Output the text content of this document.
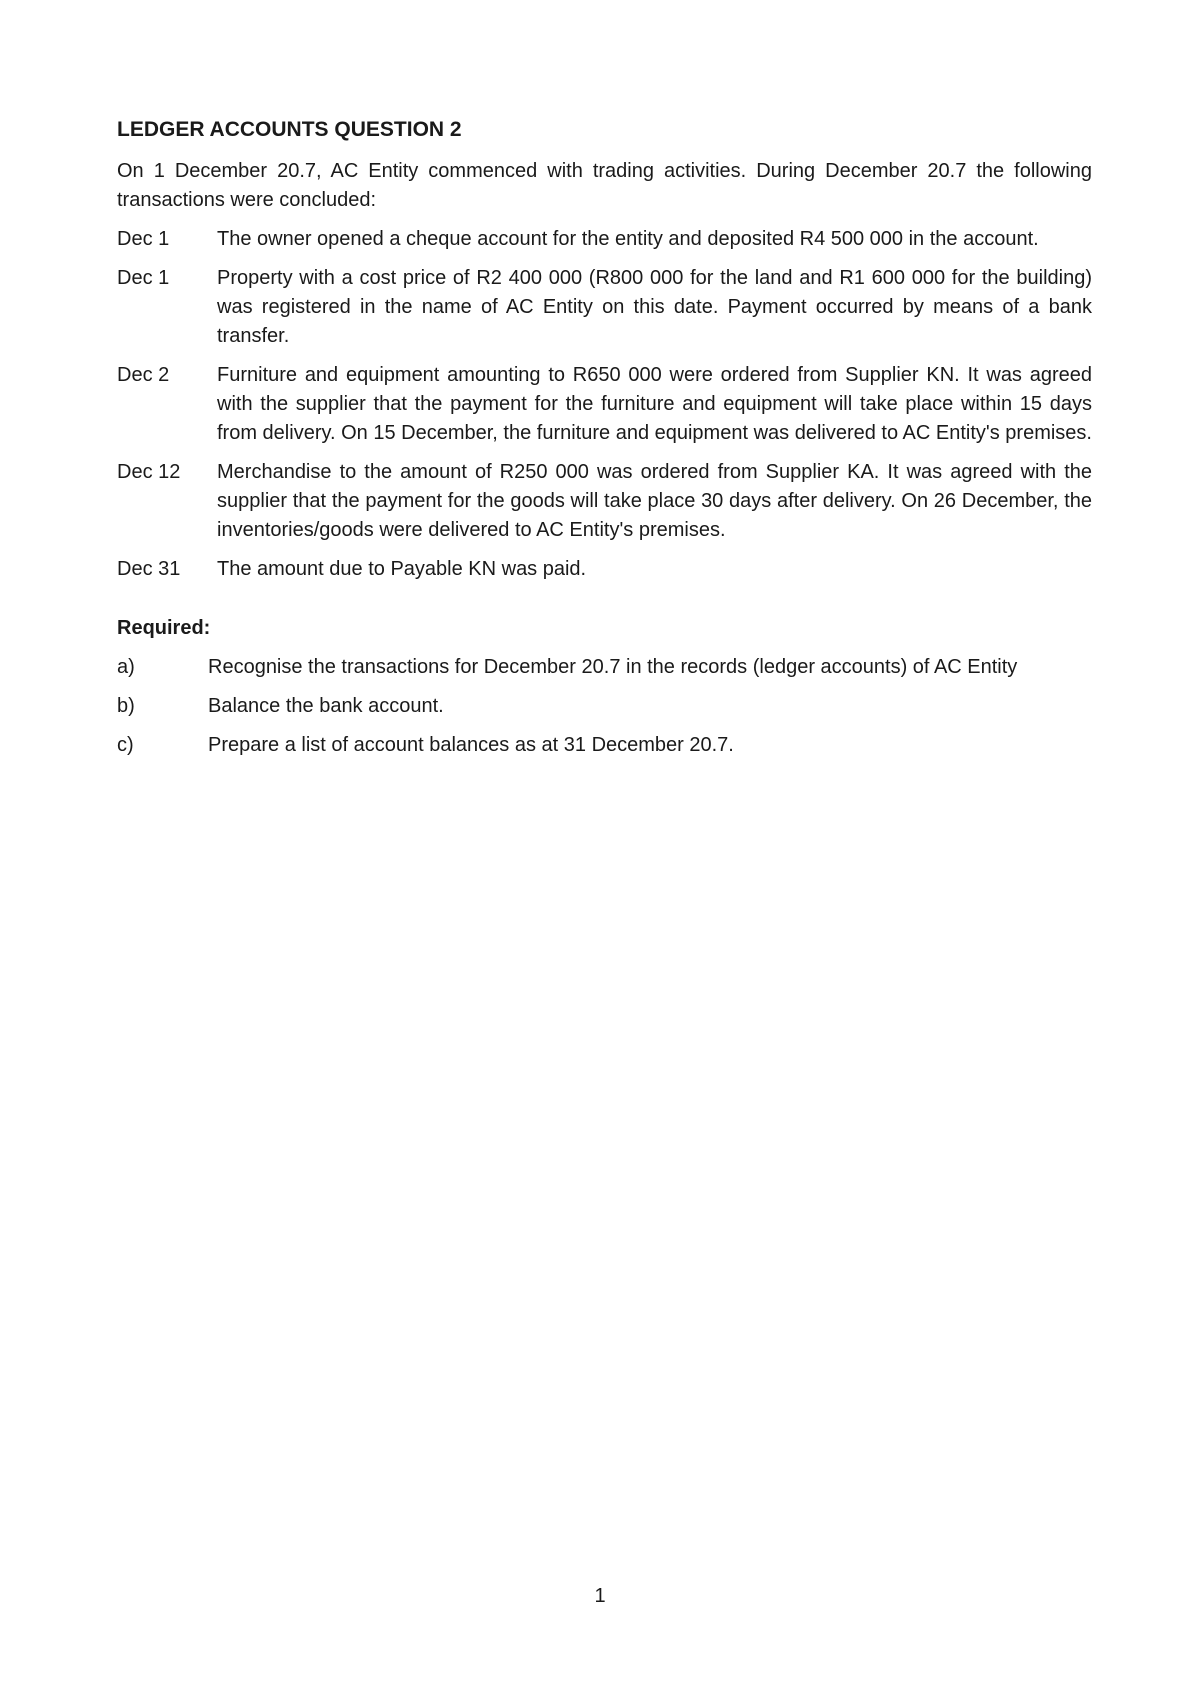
LEDGER ACCOUNTS QUESTION 2

On 1 December 20.7, AC Entity commenced with trading activities. During December 20.7 the following transactions were concluded:

Dec 1	The owner opened a cheque account for the entity and deposited R4 500 000 in the account.
Dec 1	Property with a cost price of R2 400 000 (R800 000 for the land and R1 600 000 for the building) was registered in the name of AC Entity on this date. Payment occurred by means of a bank transfer.
Dec 2	Furniture and equipment amounting to R650 000 were ordered from Supplier KN. It was agreed with the supplier that the payment for the furniture and equipment will take place within 15 days from delivery. On 15 December, the furniture and equipment was delivered to AC Entity's premises.
Dec 12	Merchandise to the amount of R250 000 was ordered from Supplier KA. It was agreed with the supplier that the payment for the goods will take place 30 days after delivery. On 26 December, the inventories/goods were delivered to AC Entity's premises.
Dec 31	The amount due to Payable KN was paid.
Required:
a)	Recognise the transactions for December 20.7 in the records (ledger accounts) of AC Entity
b)	Balance the bank account.
c)	Prepare a list of account balances as at 31 December 20.7.
1
